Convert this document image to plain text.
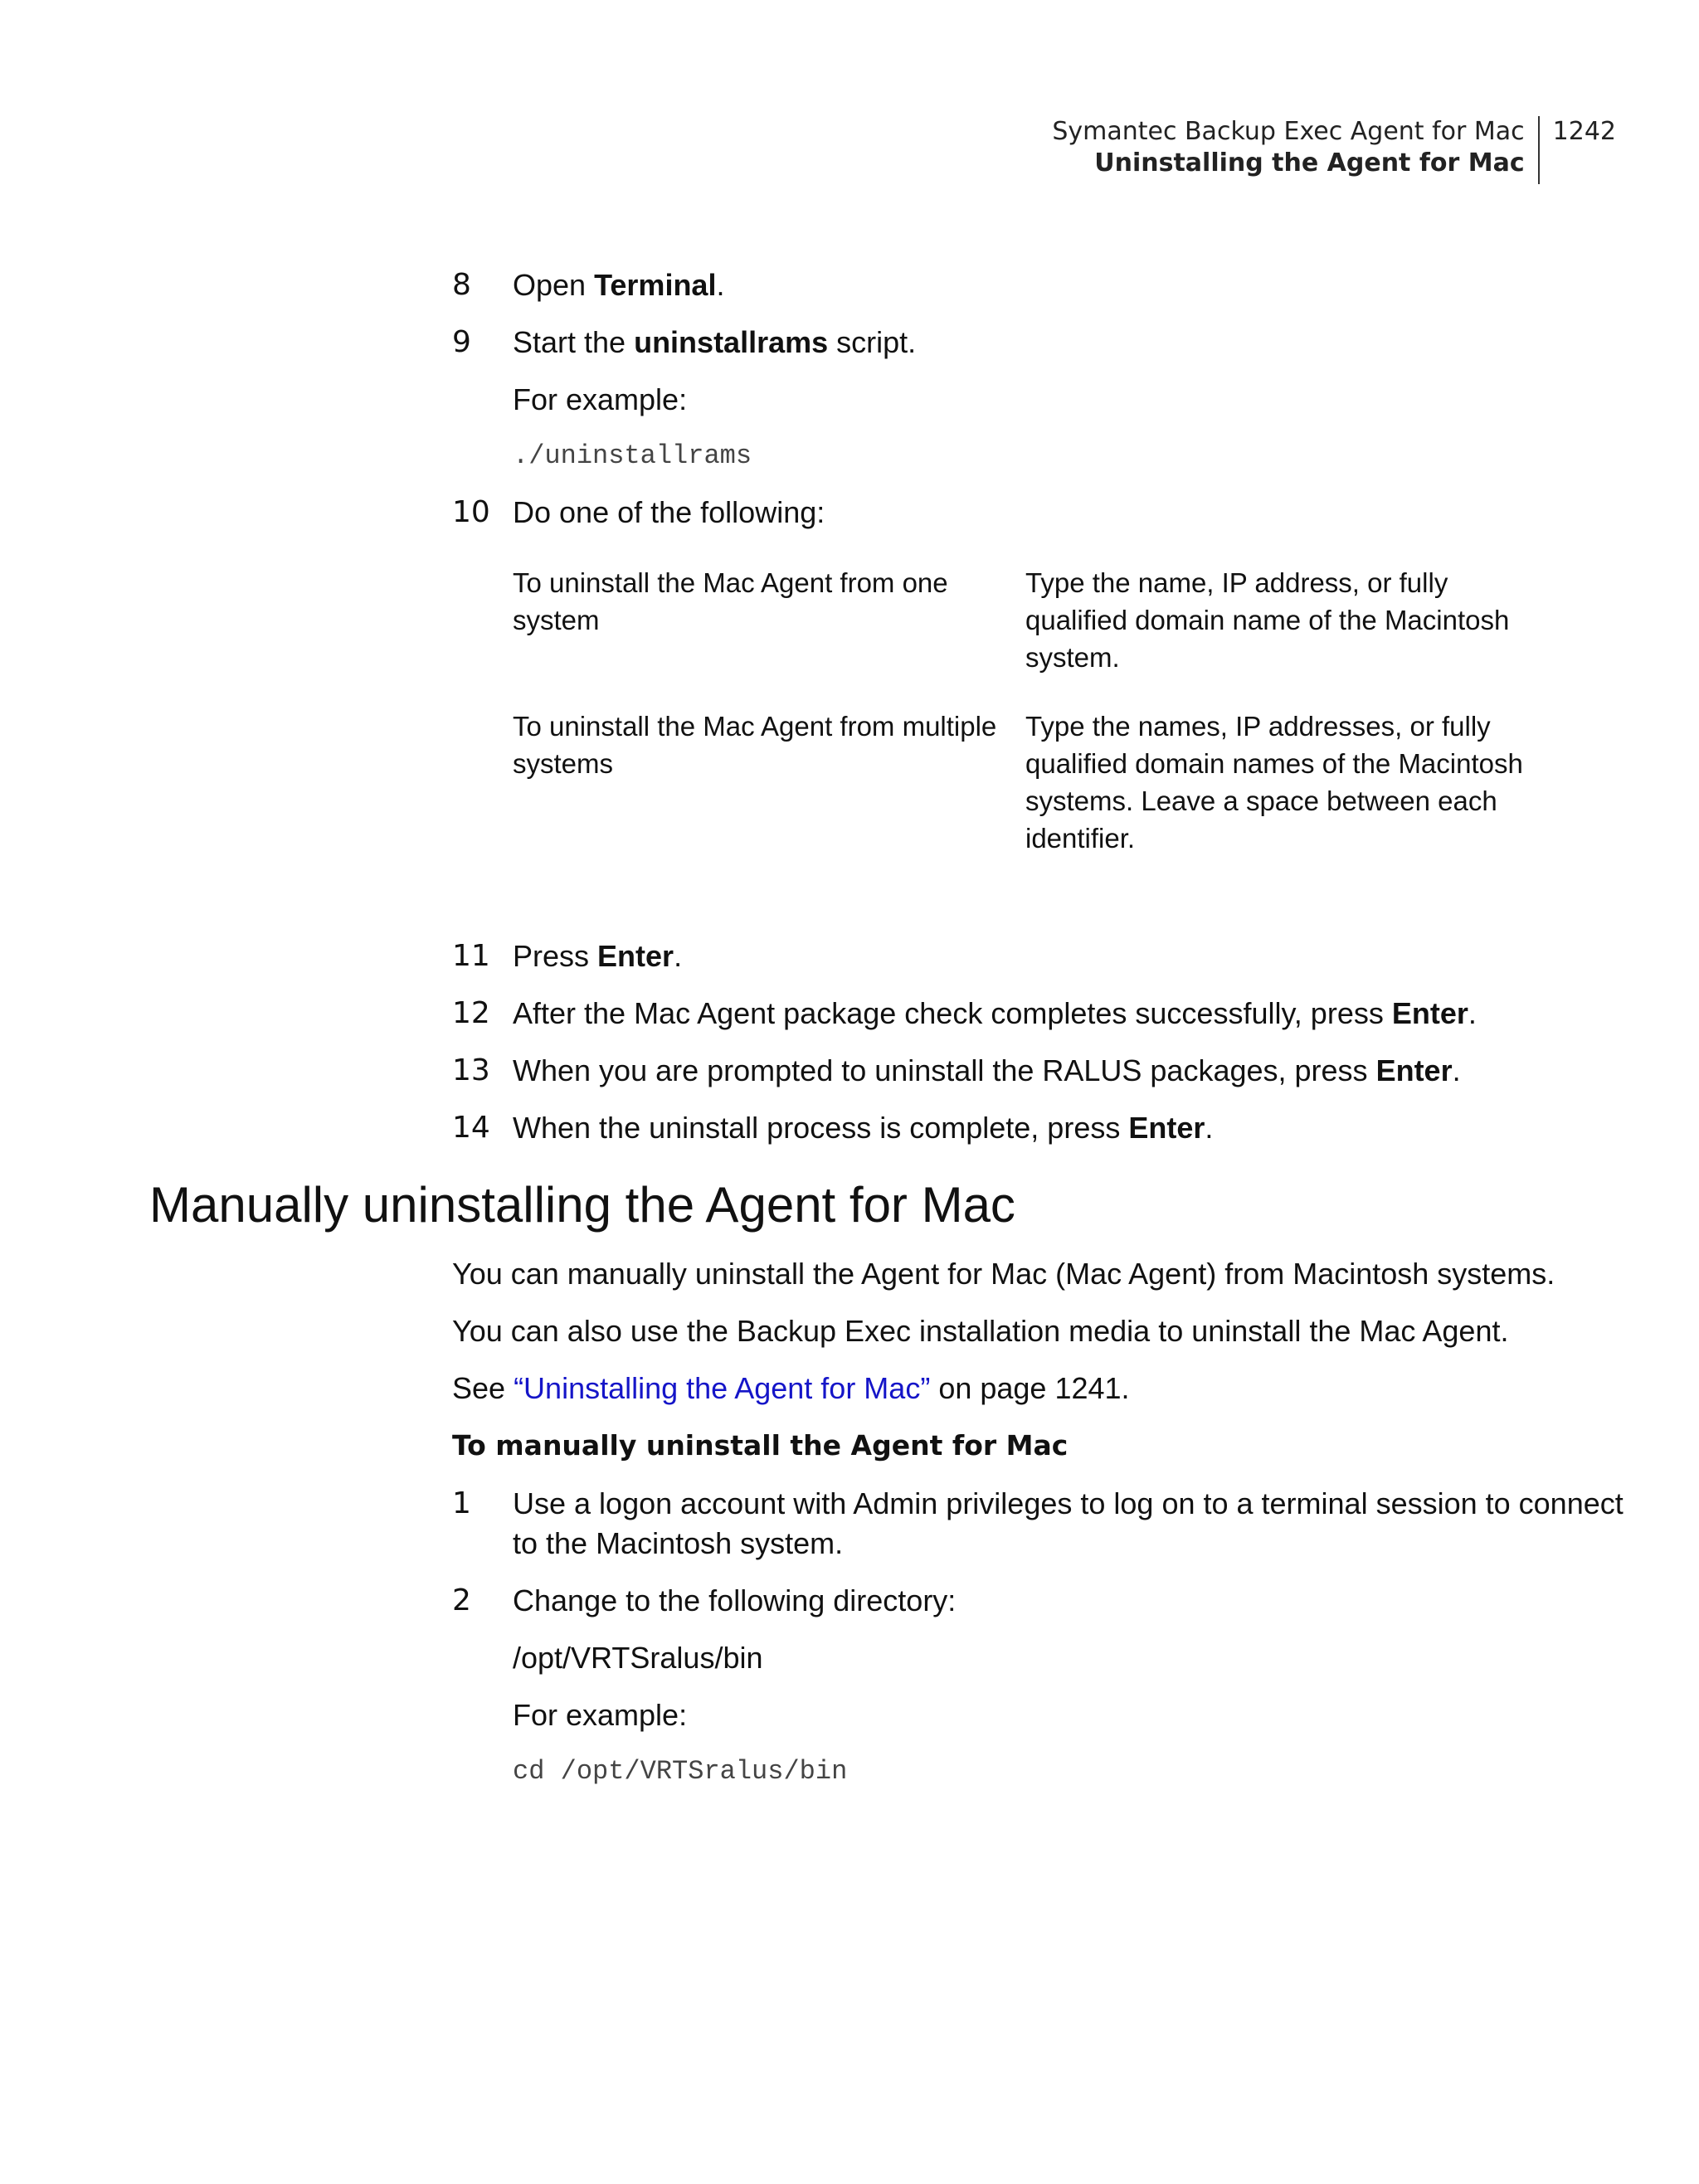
Symantec Backup Exec Agent for Mac
Uninstalling the Agent for Mac
1242
8 Open Terminal.
9 Start the uninstallrams script.
For example:
./uninstallrams
10 Do one of the following:
To uninstall the Mac Agent from one system	Type the name, IP address, or fully qualified domain name of the Macintosh system.
To uninstall the Mac Agent from multiple systems	Type the names, IP addresses, or fully qualified domain names of the Macintosh systems. Leave a space between each identifier.
11 Press Enter.
12 After the Mac Agent package check completes successfully, press Enter.
13 When you are prompted to uninstall the RALUS packages, press Enter.
14 When the uninstall process is complete, press Enter.
Manually uninstalling the Agent for Mac

You can manually uninstall the Agent for Mac (Mac Agent) from Macintosh systems.

You can also use the Backup Exec installation media to uninstall the Mac Agent.

See “Uninstalling the Agent for Mac” on page 1241.

To manually uninstall the Agent for Mac
1 Use a logon account with Admin privileges to log on to a terminal session to connect to the Macintosh system.
2 Change to the following directory:
/opt/VRTSralus/bin
For example:
cd /opt/VRTSralus/bin
